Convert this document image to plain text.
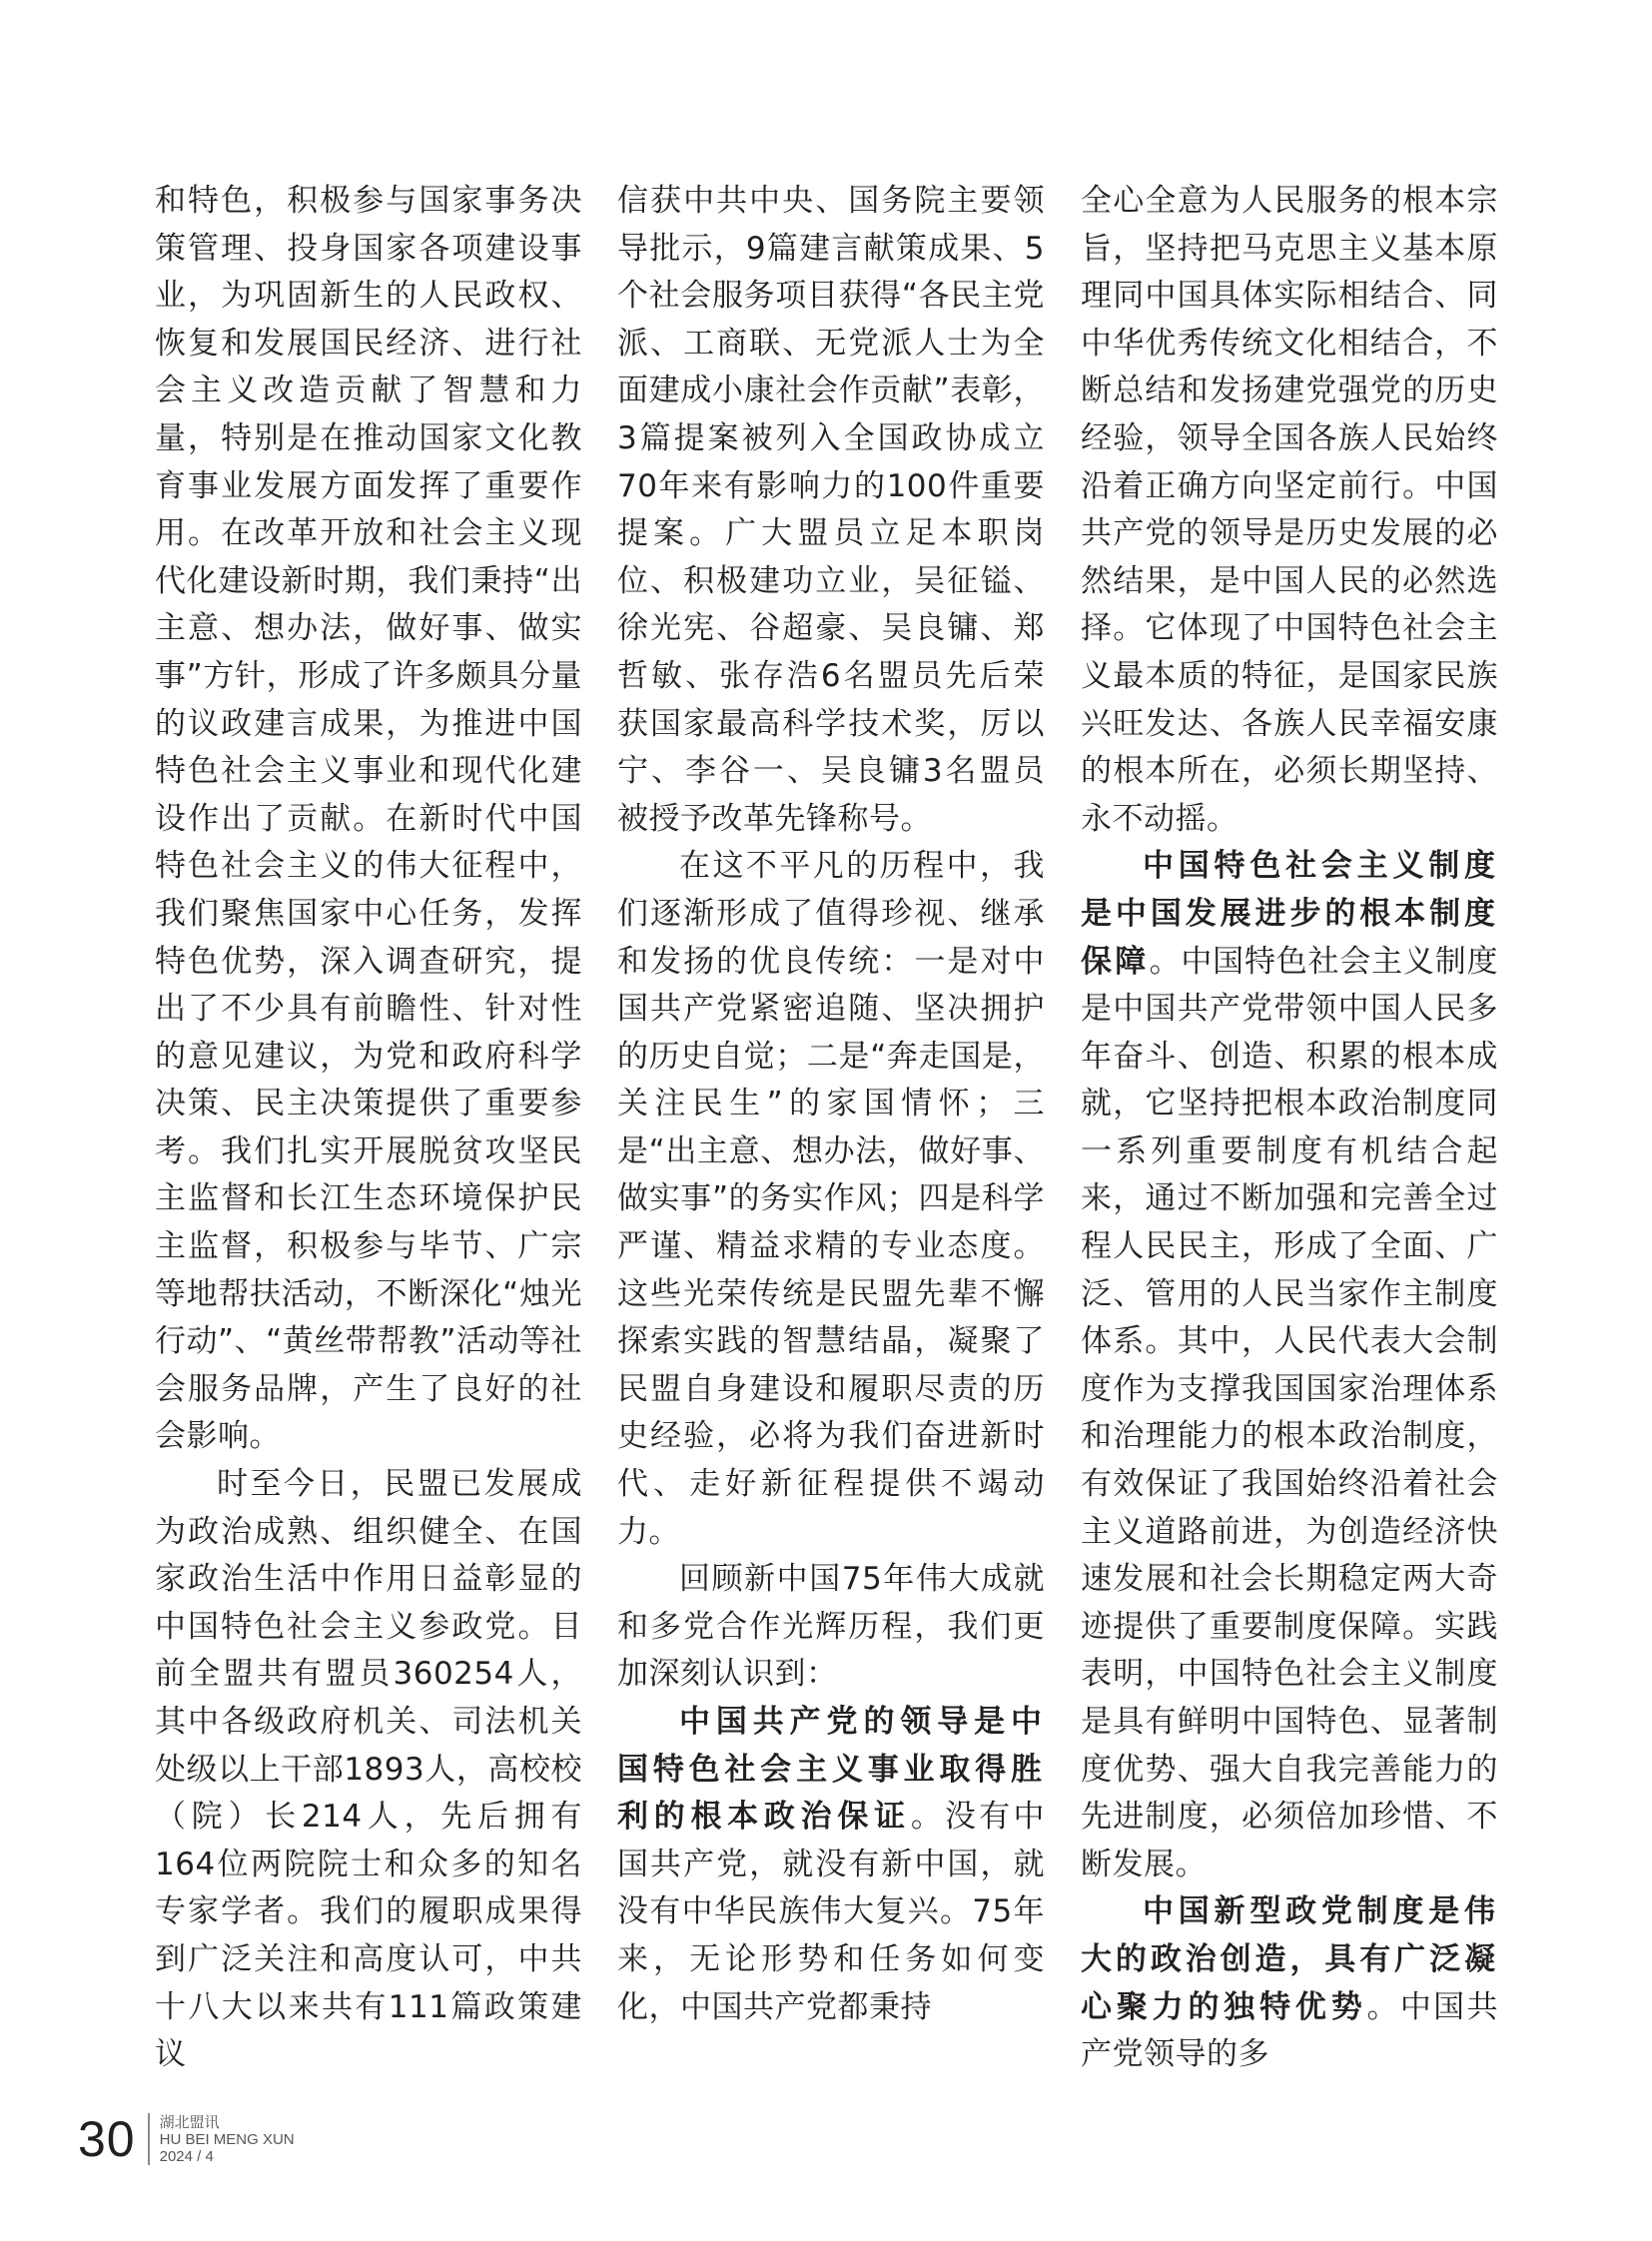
和特色，积极参与国家事务决策管理、投身国家各项建设事业，为巩固新生的人民政权、恢复和发展国民经济、进行社会主义改造贡献了智慧和力量，特别是在推动国家文化教育事业发展方面发挥了重要作用。在改革开放和社会主义现代化建设新时期，我们秉持“出主意、想办法，做好事、做实事”方针，形成了许多颇具分量的议政建言成果，为推进中国特色社会主义事业和现代化建设作出了贡献。在新时代中国特色社会主义的伟大征程中，我们聚焦国家中心任务，发挥特色优势，深入调查研究，提出了不少具有前瞻性、针对性的意见建议，为党和政府科学决策、民主决策提供了重要参考。我们扎实开展脱贫攻坚民主监督和长江生态环境保护民主监督，积极参与毕节、广宗等地帮扶活动，不断深化“烛光行动”、“黄丝带帮教”活动等社会服务品牌，产生了良好的社会影响。

时至今日，民盟已发展成为政治成熟、组织健全、在国家政治生活中作用日益彰显的中国特色社会主义参政党。目前全盟共有盟员360254人，其中各级政府机关、司法机关处级以上干部1893人，高校校（院）长214人，先后拥有164位两院院士和众多的知名专家学者。我们的履职成果得到广泛关注和高度认可，中共十八大以来共有111篇政策建议

信获中共中央、国务院主要领导批示，9篇建言献策成果、5个社会服务项目获得“各民主党派、工商联、无党派人士为全面建成小康社会作贡献”表彰，3篇提案被列入全国政协成立70年来有影响力的100件重要提案。广大盟员立足本职岗位、积极建功立业，吴征镒、徐光宪、谷超豪、吴良镛、郑哲敏、张存浩6名盟员先后荣获国家最高科学技术奖，厉以宁、李谷一、吴良镛3名盟员被授予改革先锋称号。

在这不平凡的历程中，我们逐渐形成了值得珍视、继承和发扬的优良传统：一是对中国共产党紧密追随、坚决拥护的历史自觉；二是“奔走国是，关注民生”的家国情怀；三是“出主意、想办法，做好事、做实事”的务实作风；四是科学严谨、精益求精的专业态度。这些光荣传统是民盟先辈不懈探索实践的智慧结晶，凝聚了民盟自身建设和履职尽责的历史经验，必将为我们奋进新时代、走好新征程提供不竭动力。

回顾新中国75年伟大成就和多党合作光辉历程，我们更加深刻认识到：

中国共产党的领导是中国特色社会主义事业取得胜利的根本政治保证。没有中国共产党，就没有新中国，就没有中华民族伟大复兴。75年来，无论形势和任务如何变化，中国共产党都秉持

全心全意为人民服务的根本宗旨，坚持把马克思主义基本原理同中国具体实际相结合、同中华优秀传统文化相结合，不断总结和发扬建党强党的历史经验，领导全国各族人民始终沿着正确方向坚定前行。中国共产党的领导是历史发展的必然结果，是中国人民的必然选择。它体现了中国特色社会主义最本质的特征，是国家民族兴旺发达、各族人民幸福安康的根本所在，必须长期坚持、永不动摇。

中国特色社会主义制度是中国发展进步的根本制度保障。中国特色社会主义制度是中国共产党带领中国人民多年奋斗、创造、积累的根本成就，它坚持把根本政治制度同一系列重要制度有机结合起来，通过不断加强和完善全过程人民民主，形成了全面、广泛、管用的人民当家作主制度体系。其中，人民代表大会制度作为支撑我国国家治理体系和治理能力的根本政治制度，有效保证了我国始终沿着社会主义道路前进，为创造经济快速发展和社会长期稳定两大奇迹提供了重要制度保障。实践表明，中国特色社会主义制度是具有鲜明中国特色、显著制度优势、强大自我完善能力的先进制度，必须倍加珍惜、不断发展。

中国新型政党制度是伟大的政治创造，具有广泛凝心聚力的独特优势。中国共产党领导的多

30 湖北盟讯
HU BEI MENG XUN
2024 / 4
